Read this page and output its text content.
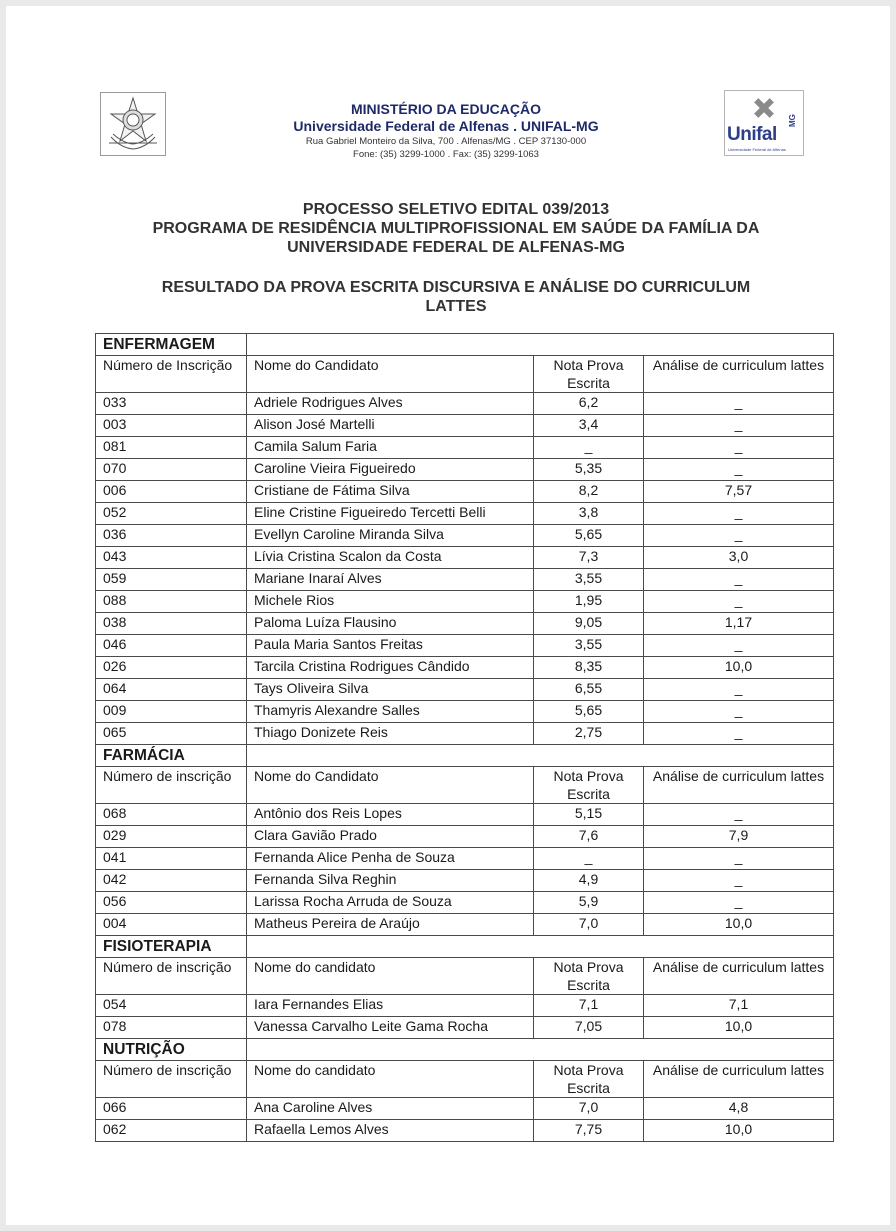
Unifal
MG
Universidade Federal de Alfenas
MINISTÉRIO DA EDUCAÇÃO
Universidade Federal de Alfenas . UNIFAL-MG
Rua Gabriel Monteiro da Silva, 700 . Alfenas/MG . CEP 37130-000
Fone: (35) 3299-1000 . Fax: (35) 3299-1063
PROCESSO SELETIVO EDITAL 039/2013
PROGRAMA DE RESIDÊNCIA MULTIPROFISSIONAL EM SAÚDE DA FAMÍLIA DA
UNIVERSIDADE FEDERAL DE ALFENAS-MG
RESULTADO DA PROVA ESCRITA DISCURSIVA E ANÁLISE DO CURRICULUM
LATTES
ENFERMAGEM			
Número de Inscrição	Nome do Candidato	Nota Prova Escrita	Análise de curriculum lattes
033	Adriele Rodrigues Alves	6,2	_
003	Alison José Martelli	3,4	_
081	Camila Salum Faria	_	_
070	Caroline Vieira Figueiredo	5,35	_
006	Cristiane de Fátima Silva	8,2	7,57
052	Eline Cristine Figueiredo Tercetti Belli	3,8	_
036	Evellyn Caroline Miranda Silva	5,65	_
043	Lívia Cristina Scalon da Costa	7,3	3,0
059	Mariane Inaraí Alves	3,55	_
088	Michele Rios	1,95	_
038	Paloma Luíza Flausino	9,05	1,17
046	Paula Maria Santos Freitas	3,55	_
026	Tarcila Cristina Rodrigues Cândido	8,35	10,0
064	Tays Oliveira Silva	6,55	_
009	Thamyris Alexandre Salles	5,65	_
065	Thiago Donizete Reis	2,75	_
FARMÁCIA			
Número de inscrição	Nome do Candidato	Nota Prova Escrita	Análise de curriculum lattes
068	Antônio dos Reis Lopes	5,15	_
029	Clara Gavião Prado	7,6	7,9
041	Fernanda Alice Penha de Souza	_	_
042	Fernanda Silva Reghin	4,9	_
056	Larissa Rocha Arruda de Souza	5,9	_
004	Matheus Pereira de Araújo	7,0	10,0
FISIOTERAPIA			
Número de inscrição	Nome do candidato	Nota Prova Escrita	Análise de curriculum lattes
054	Iara Fernandes Elias	7,1	7,1
078	Vanessa Carvalho Leite Gama Rocha	7,05	10,0
NUTRIÇÃO			
Número de inscrição	Nome do candidato	Nota Prova Escrita	Análise de curriculum lattes
066	Ana Caroline Alves	7,0	4,8
062	Rafaella Lemos Alves	7,75	10,0
